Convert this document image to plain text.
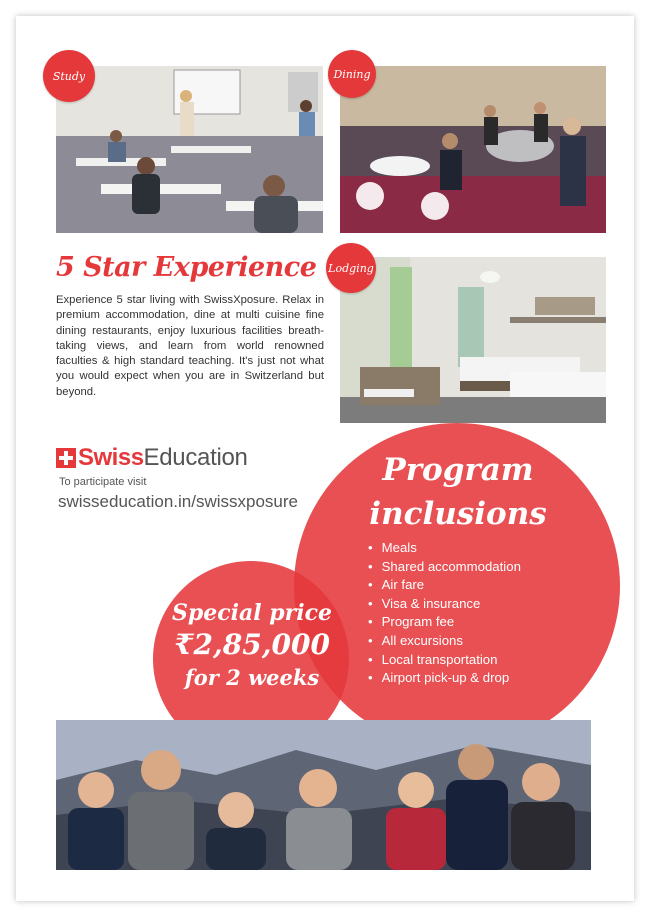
Study	Dining
Lodging
5 Star Experience
Experience 5 star living with SwissXposure. Relax in premium accommodation, dine at multi cuisine fine dining restaurants, enjoy luxurious facilities breath-taking views, and learn from world renowned faculties & high standard teaching. It's just not what you would expect when you are in Switzerland but beyond.
Swiss Education
To participate visit
swisseducation.in/swissxposure
Program
inclusions
• Meals
• Shared accommodation
• Air fare
• Visa & insurance
• Program fee
• All excursions
• Local transportation
• Airport pick-up & drop
Special price
₹2,85,000
for 2 weeks
